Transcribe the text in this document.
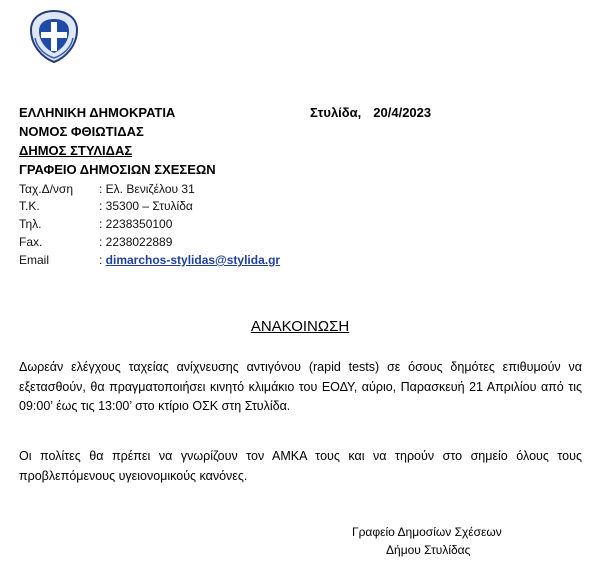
ΕΛΛΗΝΙΚΗ ΔΗΜΟΚΡΑΤΙΑ
ΝΟΜΟΣ ΦΘΙΩΤΙΔΑΣ
ΔΗΜΟΣ ΣΤΥΛΙΔΑΣ
ΓΡΑΦΕΙΟ ΔΗΜΟΣΙΩΝ ΣΧΕΣΕΩΝ
Στυλίδα, 20/4/2023
Ταχ.Δ/νση : Ελ. Βενιζέλου 31
Τ.Κ.	: 35300 – Στυλίδα
Τηλ.	: 2238350100
Fax.	: 2238022889
Email	: dimarchos-stylidas@stylida.gr
ΑΝΑΚΟΙΝΩΣΗ
Δωρεάν ελέγχους ταχείας ανίχνευσης αντιγόνου (rapid tests) σε όσους δημότες επιθυμούν να εξετασθούν, θα πραγματοποιήσει κινητό κλιμάκιο του ΕΟΔΥ, αύριο, Παρασκευή 21 Απριλίου από τις 09:00’ έως τις 13:00’ στο κτίριο ΟΣΚ στη Στυλίδα.
Οι πολίτες θα πρέπει να γνωρίζουν τον ΑΜΚΑ τους και να τηρούν στο σημείο όλους τους προβλεπόμενους υγειονομικούς κανόνες.
Γραφείο Δημοσίων Σχέσεων
Δήμου Στυλίδας
